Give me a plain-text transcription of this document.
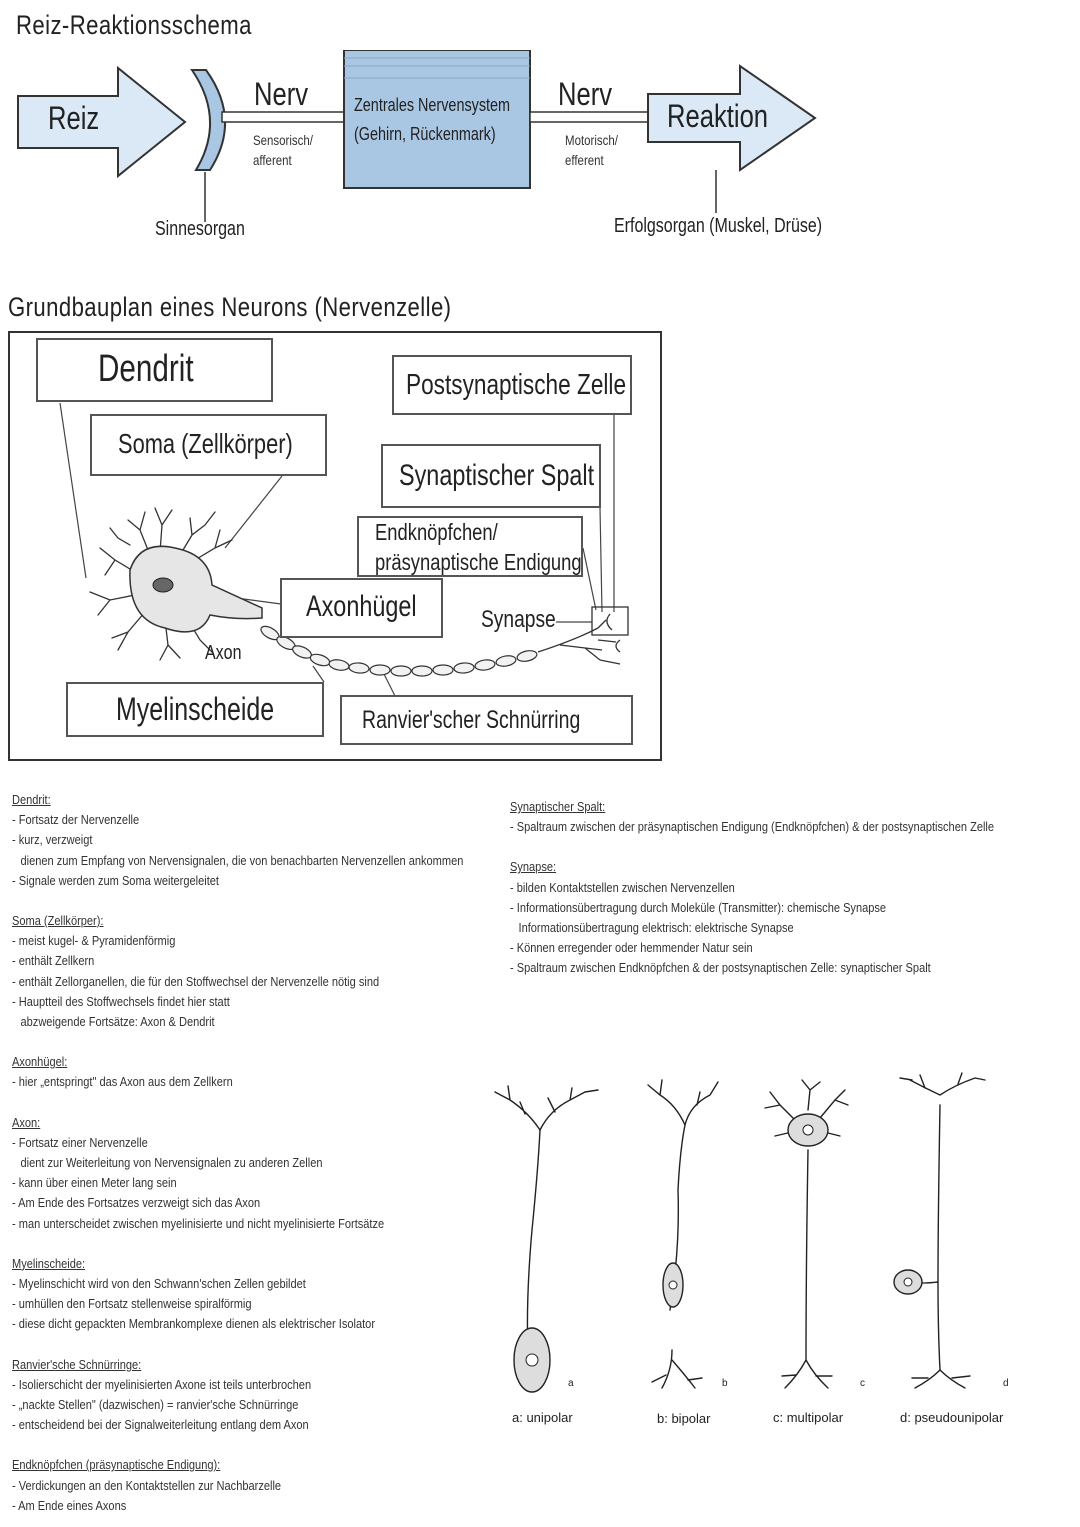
Reiz-Reaktionsschema
Reiz
Nerv
Sensorisch/
afferent
Zentrales Nervensystem
(Gehirn, Rückenmark)
Nerv
Motorisch/
efferent
Reaktion
Sinnesorgan	Erfolgsorgan (Muskel, Drüse)
Grundbauplan eines Neurons (Nervenzelle)
Dendrit	Postsynaptische Zelle
Soma (Zellkörper)
Synaptischer Spalt
Endknöpfchen/
präsynaptische Endigung
Axonhügel	Synapse
Axon
Myelinscheide	Ranvier'scher Schnürring

Dendrit:

- Fortsatz der Nervenzelle

- kurz, verzweigt

dienen zum Empfang von Nervensignalen, die von benachbarten Nervenzellen ankommen

- Signale werden zum Soma weitergeleitet

Soma (Zellkörper):

- meist kugel- & Pyramidenförmig

- enthält Zellkern

- enthält Zellorganellen, die für den Stoffwechsel der Nervenzelle nötig sind

- Hauptteil des Stoffwechsels findet hier statt

abzweigende Fortsätze: Axon & Dendrit

Axonhügel:

- hier „entspringt" das Axon aus dem Zellkern

Axon:

- Fortsatz einer Nervenzelle

dient zur Weiterleitung von Nervensignalen zu anderen Zellen

- kann über einen Meter lang sein

- Am Ende des Fortsatzes verzweigt sich das Axon

- man unterscheidet zwischen myelinisierte und nicht myelinisierte Fortsätze

Myelinscheide:

- Myelinschicht wird von den Schwann'schen Zellen gebildet

- umhüllen den Fortsatz stellenweise spiralförmig

- diese dicht gepackten Membrankomplexe dienen als elektrischer Isolator

Ranvier'sche Schnürringe:

- Isolierschicht der myelinisierten Axone ist teils unterbrochen

- „nackte Stellen" (dazwischen) = ranvier'sche Schnürringe

- entscheidend bei der Signalweiterleitung entlang dem Axon

Endknöpfchen (präsynaptische Endigung):

- Verdickungen an den Kontaktstellen zur Nachbarzelle

- Am Ende eines Axons

Synaptischer Spalt:

- Spaltraum zwischen der präsynaptischen Endigung (Endknöpfchen) & der postsynaptischen Zelle

Synapse:

- bilden Kontaktstellen zwischen Nervenzellen

- Informationsübertragung durch Moleküle (Transmitter): chemische Synapse

Informationsübertragung elektrisch: elektrische Synapse

- Können erregender oder hemmender Natur sein

- Spaltraum zwischen Endknöpfchen & der postsynaptischen Zelle: synaptischer Spalt

a	b	c	d
a: unipolar	b: bipolar	c: multipolar	d: pseudounipolar
